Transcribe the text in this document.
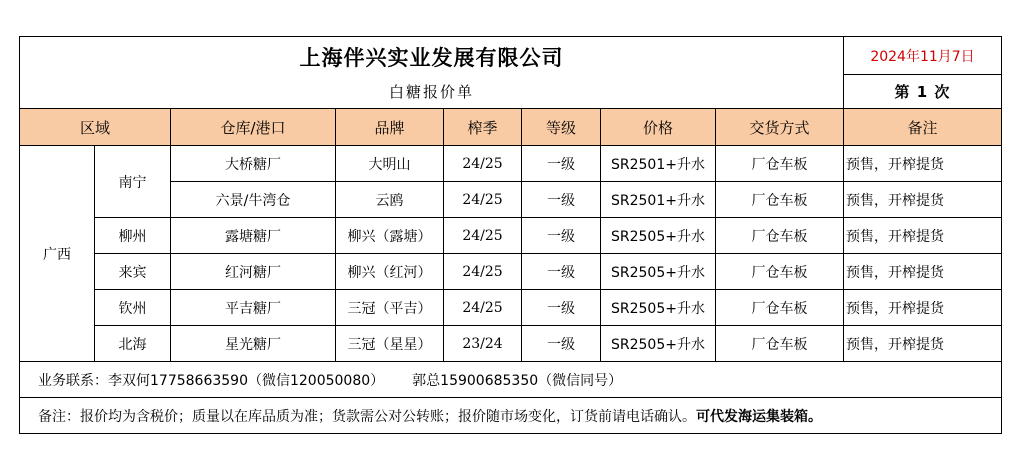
上海伴兴实业发展有限公司								2024年11月7日
白糖报价单								第 1 次
区域		仓库/港口	品牌	榨季	等级	价格	交货方式	备注
广西	南宁	大桥糖厂	大明山	24/25	一级	SR2501+升水	厂仓车板	预售，开榨提货
		六景/牛湾仓	云鸥	24/25	一级	SR2501+升水	厂仓车板	预售，开榨提货
	柳州	露塘糖厂	柳兴（露塘）	24/25	一级	SR2505+升水	厂仓车板	预售，开榨提货
	来宾	红河糖厂	柳兴（红河）	24/25	一级	SR2505+升水	厂仓车板	预售，开榨提货
	钦州	平吉糖厂	三冠（平吉）	24/25	一级	SR2505+升水	厂仓车板	预售，开榨提货
	北海	星光糖厂	三冠（星星）	23/24	一级	SR2505+升水	厂仓车板	预售，开榨提货
业务联系：李双何17758663590（微信120050080） 郭总15900685350（微信同号）								
备注：报价均为含税价；质量以在库品质为准；货款需公对公转账；报价随市场变化，订货前请电话确认。可代发海运集装箱。								
